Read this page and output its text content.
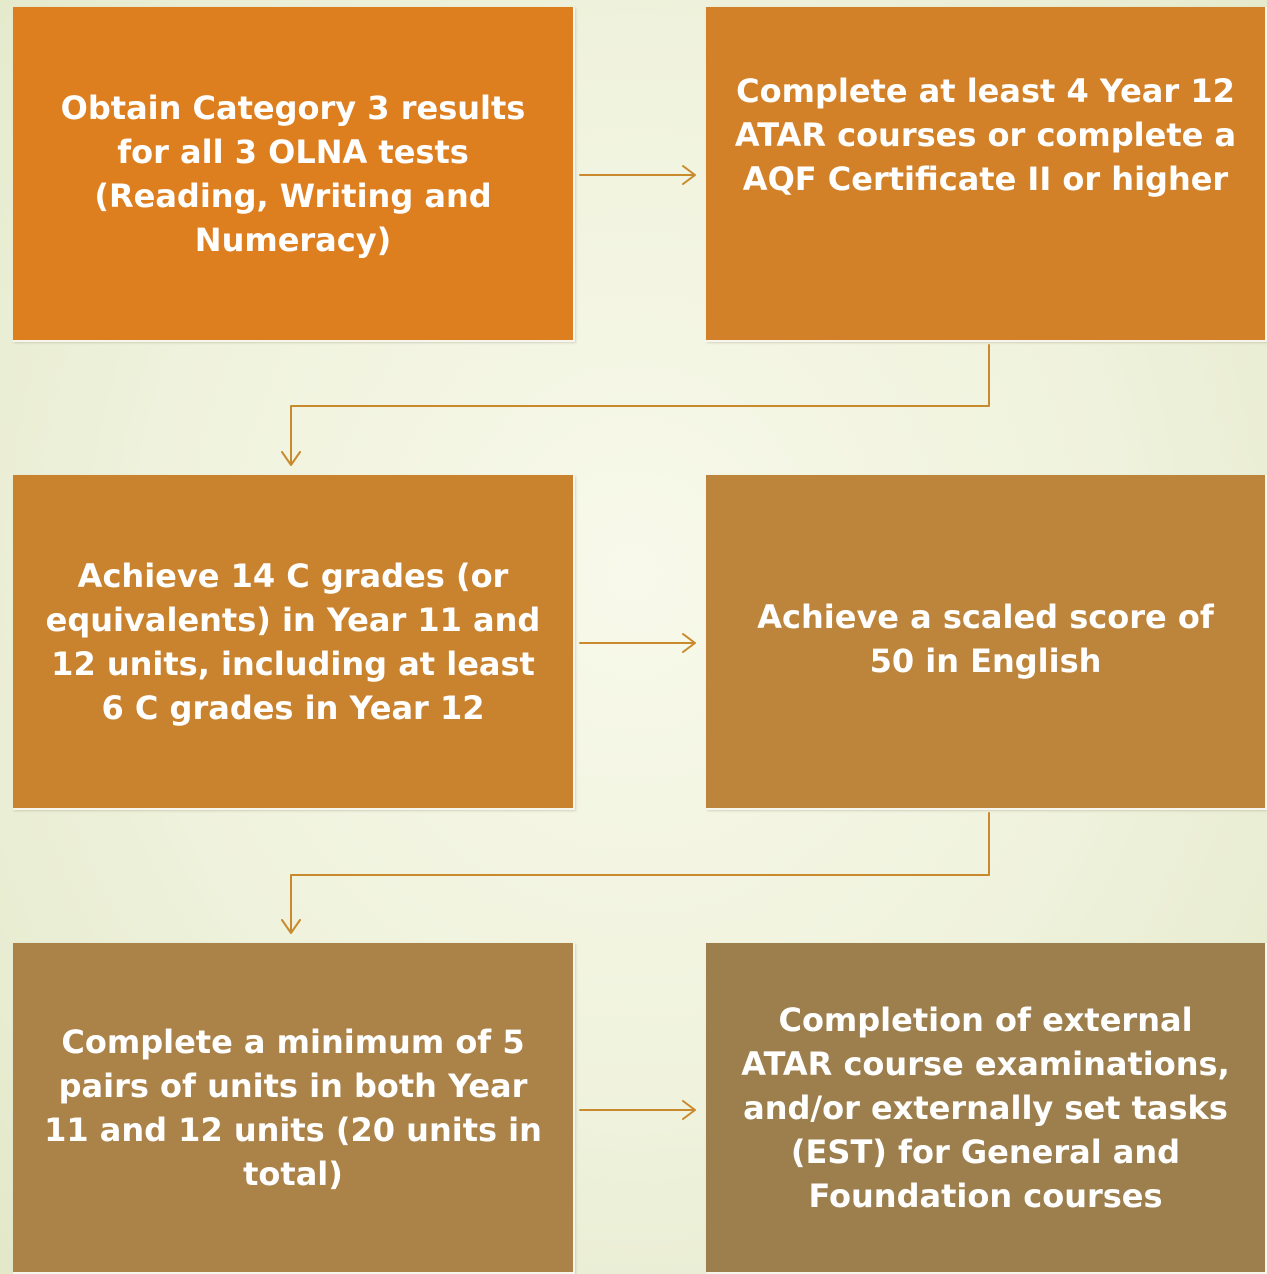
Obtain Category 3 results for all 3 OLNA tests (Reading, Writing and Numeracy)
Complete at least 4 Year 12 ATAR courses or complete a AQF Certificate II or higher
Achieve 14 C grades (or equivalents) in Year 11 and 12 units, including at least 6 C grades in Year 12
Achieve a scaled score of 50 in English
Complete a minimum of 5 pairs of units in both Year 11 and 12 units (20 units in total)
Completion of external ATAR course examinations, and/or externally set tasks (EST) for General and Foundation courses
